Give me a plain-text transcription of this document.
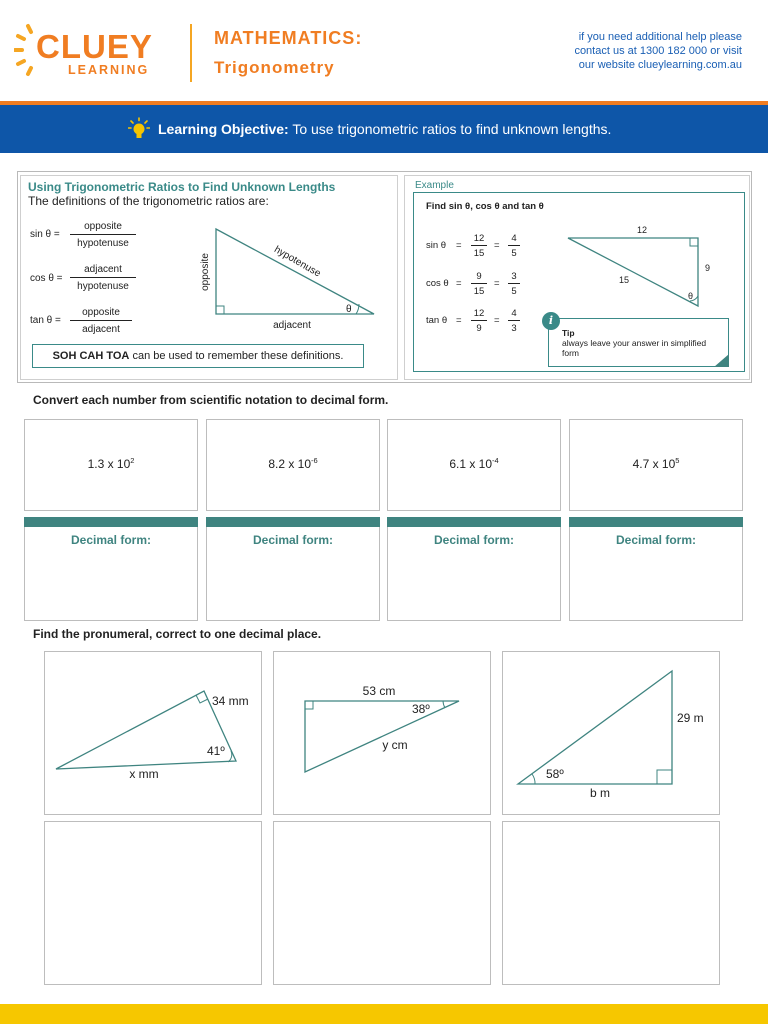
CLUEY
LEARNING
MATHEMATICS:
Trigonometry
if you need additional help please
contact us at 1300 182 000 or visit
our website clueylearning.com.au
Learning Objective: To use trigonometric ratios to find unknown lengths.
Using Trigonometric Ratios to Find Unknown Lengths
The definitions of the trigonometric ratios are:
sin θ =
opposite
hypotenuse
cos θ =
adjacent
hypotenuse
tan θ =
opposite
adjacent
opposite	hypotenuse
adjacent
θ
SOH CAH TOA can be used to remember these definitions.
Example
Find sin θ, cos θ and tan θ
sin θ =
12
15
=
4
5
cos θ =
9
15
=
3
5
tan θ =
12
9
=
4
3
12
9
15
θ
i
Tip
always leave your answer in simplified form
Convert each number from scientific notation to decimal form.
1.3 x $10^2$	8.2 x $10^{-6}$	6.1 x $10^{-4}$	4.7 x $10^5$
Decimal form:	Decimal form:	Decimal form:	Decimal form:
Find the pronumeral, correct to one decimal place.
34 mm
41º
x mm
53 cm
38º
y cm
29 m
58º
b m
